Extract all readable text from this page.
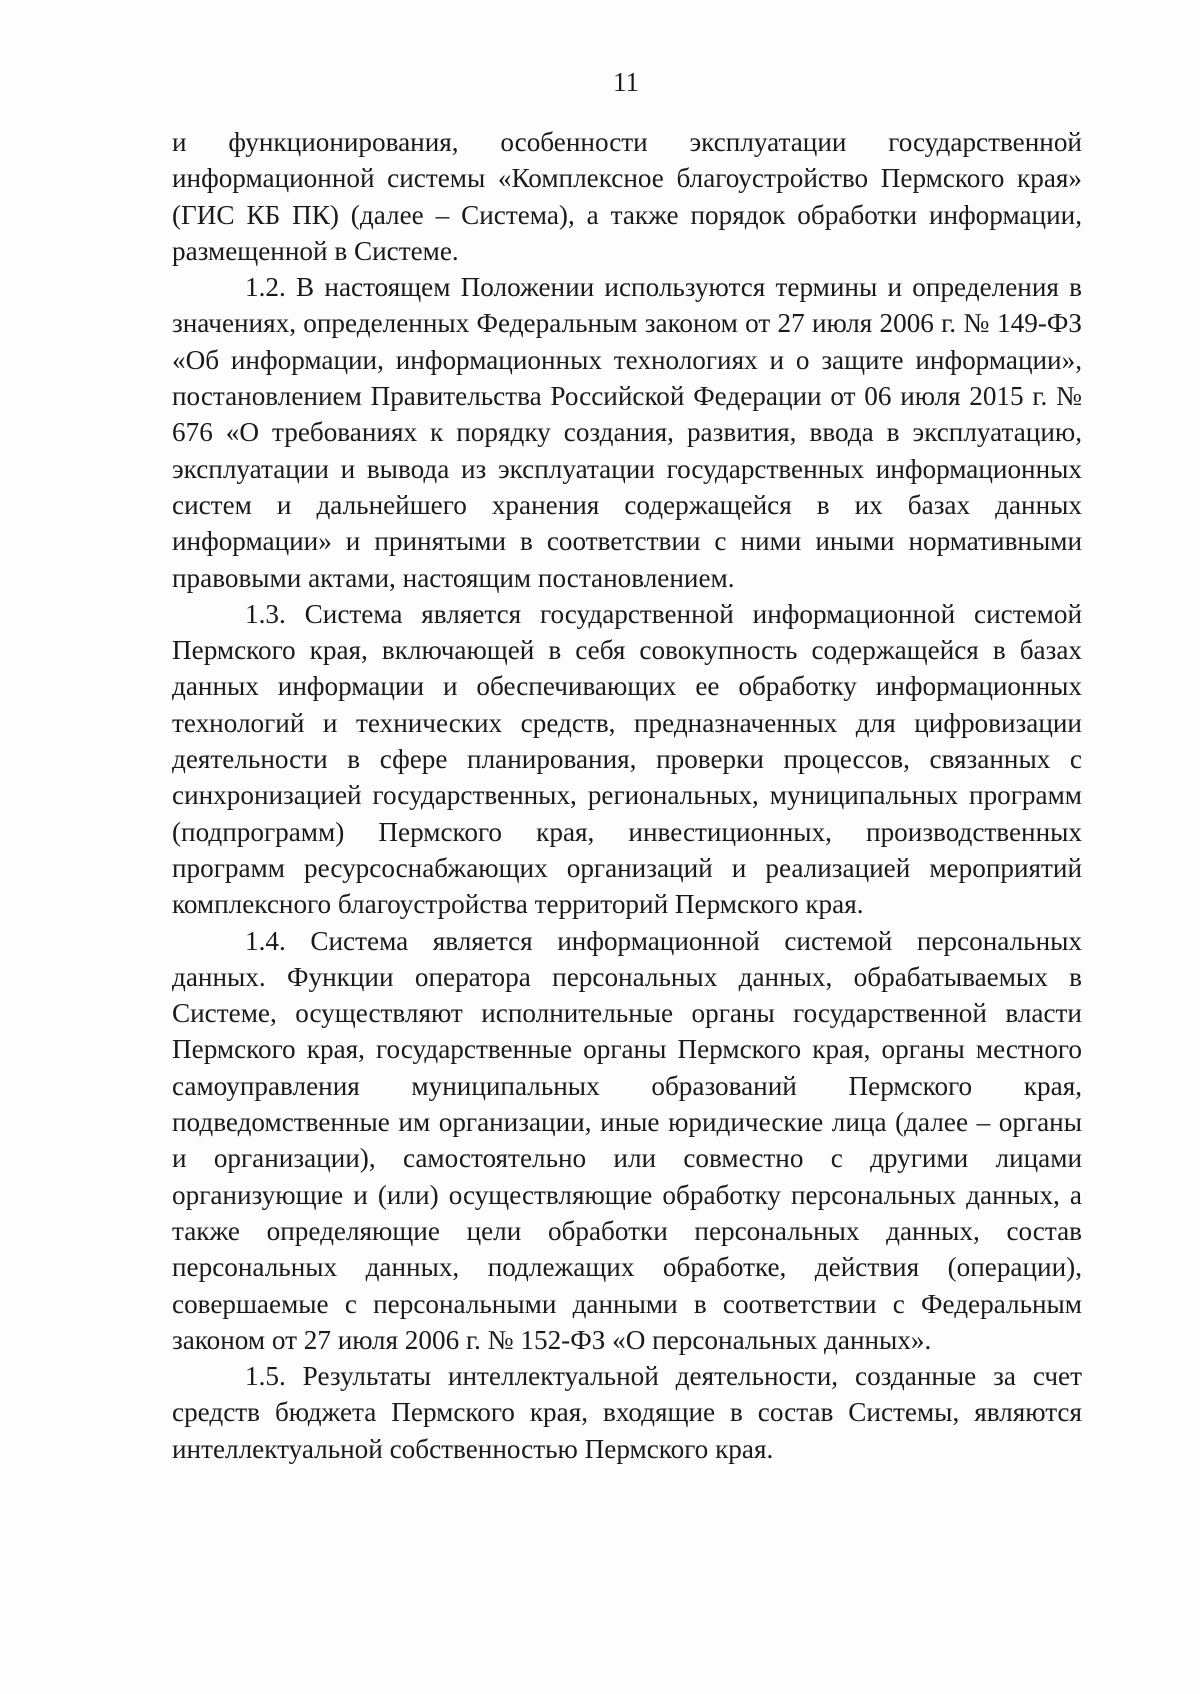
11

и функционирования, особенности эксплуатации государственной информационной системы «Комплексное благоустройство Пермского края» (ГИС КБ ПК) (далее – Система), а также порядок обработки информации, размещенной в Системе.

1.2. В настоящем Положении используются термины и определения в значениях, определенных Федеральным законом от 27 июля 2006 г. № 149-ФЗ «Об информации, информационных технологиях и о защите информации», постановлением Правительства Российской Федерации от 06 июля 2015 г. № 676 «О требованиях к порядку создания, развития, ввода в эксплуатацию, эксплуатации и вывода из эксплуатации государственных информационных систем и дальнейшего хранения содержащейся в их базах данных информации» и принятыми в соответствии с ними иными нормативными правовыми актами, настоящим постановлением.

1.3. Система является государственной информационной системой Пермского края, включающей в себя совокупность содержащейся в базах данных информации и обеспечивающих ее обработку информационных технологий и технических средств, предназначенных для цифровизации деятельности в сфере планирования, проверки процессов, связанных с синхронизацией государственных, региональных, муниципальных программ (подпрограмм) Пермского края, инвестиционных, производственных программ ресурсоснабжающих организаций и реализацией мероприятий комплексного благоустройства территорий Пермского края.

1.4. Система является информационной системой персональных данных. Функции оператора персональных данных, обрабатываемых в Системе, осуществляют исполнительные органы государственной власти Пермского края, государственные органы Пермского края, органы местного самоуправления муниципальных образований Пермского края, подведомственные им организации, иные юридические лица (далее – органы и организации), самостоятельно или совместно с другими лицами организующие и (или) осуществляющие обработку персональных данных, а также определяющие цели обработки персональных данных, состав персональных данных, подлежащих обработке, действия (операции), совершаемые с персональными данными в соответствии с Федеральным законом от 27 июля 2006 г. № 152-ФЗ «О персональных данных».

1.5. Результаты интеллектуальной деятельности, созданные за счет средств бюджета Пермского края, входящие в состав Системы, являются интеллектуальной собственностью Пермского края.
